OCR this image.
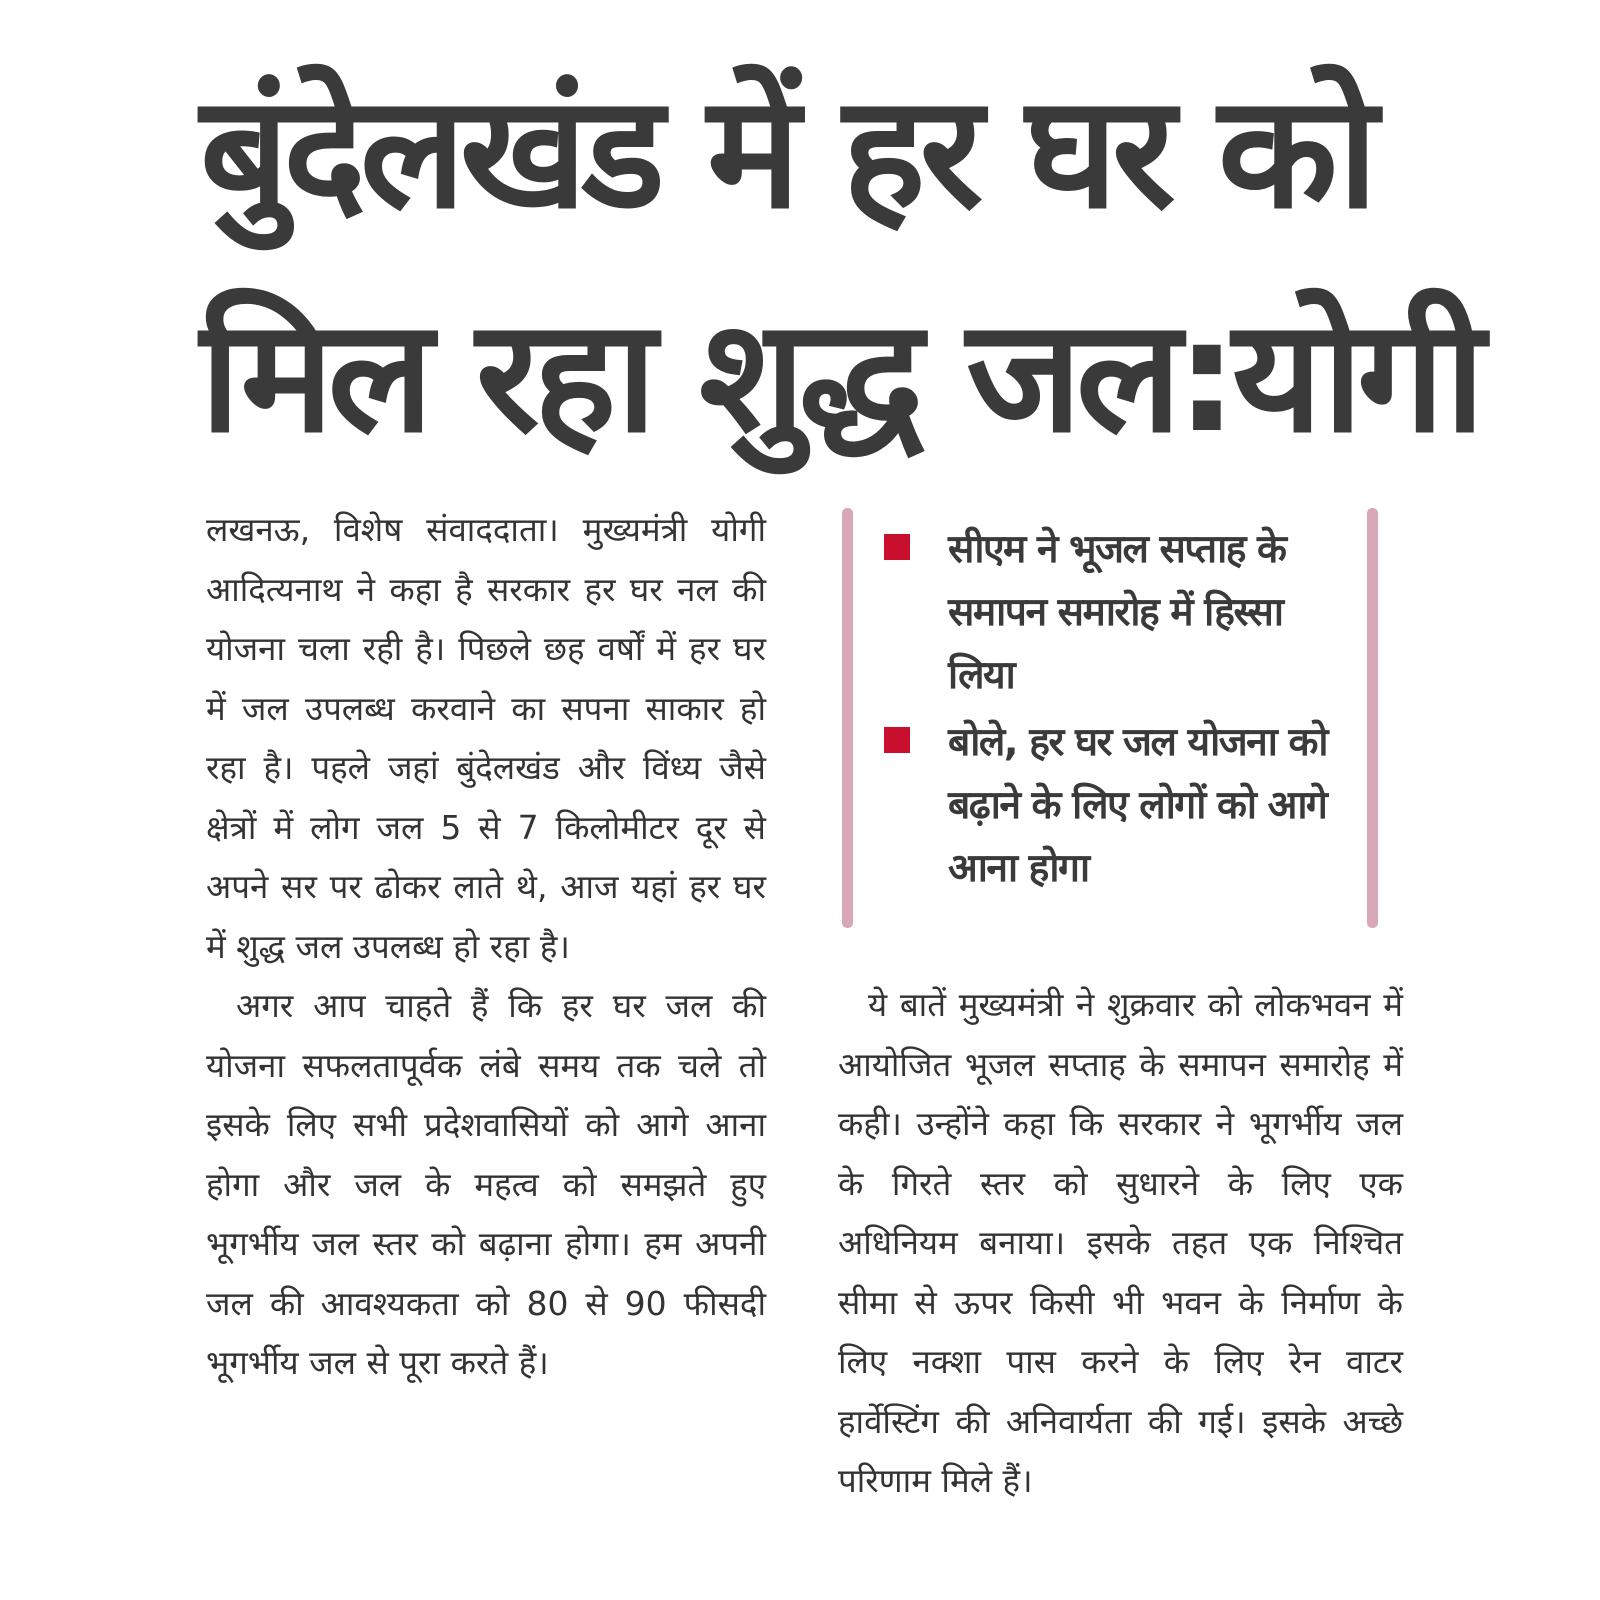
बुंदेलखंड में हर घर को
मिल रहा शुद्ध जल:योगी

लखनऊ, विशेष संवाददाता। मुख्यमंत्री योगी आदित्यनाथ ने कहा है सरकार हर घर नल की योजना चला रही है। पिछले छह वर्षों में हर घर में जल उपलब्ध करवाने का सपना साकार हो रहा है। पहले जहां बुंदेलखंड और विंध्य जैसे क्षेत्रों में लोग जल 5 से 7 किलोमीटर दूर से अपने सर पर ढोकर लाते थे, आज यहां हर घर में शुद्ध जल उपलब्ध हो रहा है।

अगर आप चाहते हैं कि हर घर जल की योजना सफलतापूर्वक लंबे समय तक चले तो इसके लिए सभी प्रदेशवासियों को आगे आना होगा और जल के महत्व को समझते हुए भूगर्भीय जल स्तर को बढ़ाना होगा। हम अपनी जल की आवश्यकता को 80 से 90 फीसदी भूगर्भीय जल से पूरा करते हैं।

सीएम ने भूजल सप्ताह के समापन समारोह में हिस्सा लिया
बोले, हर घर जल योजना को बढ़ाने के लिए लोगों को आगे आना होगा

ये बातें मुख्यमंत्री ने शुक्रवार को लोकभवन में आयोजित भूजल सप्ताह के समापन समारोह में कही। उन्होंने कहा कि सरकार ने भूगर्भीय जल के गिरते स्तर को सुधारने के लिए एक अधिनियम बनाया। इसके तहत एक निश्चित सीमा से ऊपर किसी भी भवन के निर्माण के लिए नक्शा पास करने के लिए रेन वाटर हार्वेस्टिंग की अनिवार्यता की गई। इसके अच्छे परिणाम मिले हैं।
